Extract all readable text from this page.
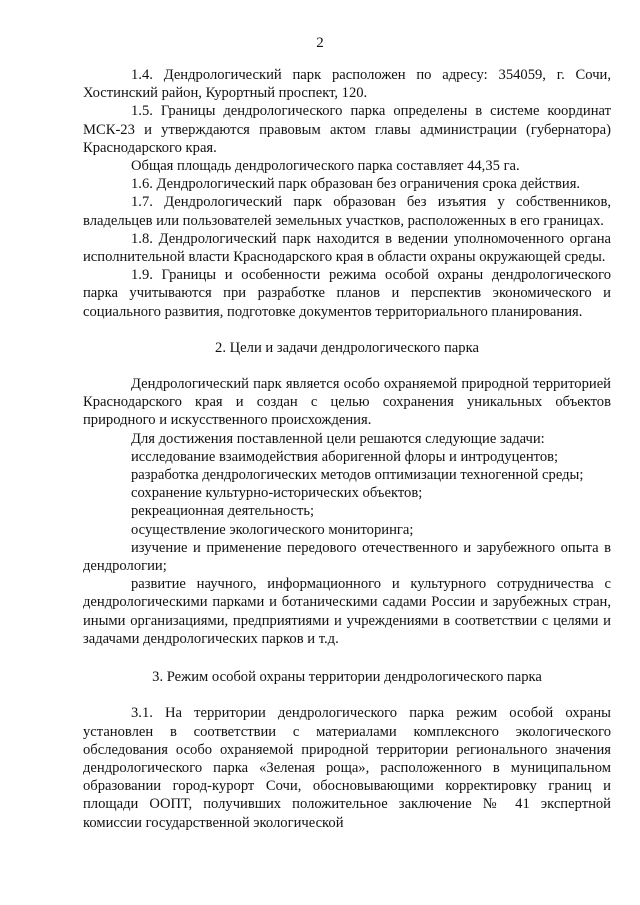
2

1.4. Дендрологический парк расположен по адресу: 354059, г. Сочи, Хостинский район, Курортный проспект, 120.

1.5. Границы дендрологического парка определены в системе координат МСК-23 и утверждаются правовым актом главы администрации (губернатора) Краснодарского края.

Общая площадь дендрологического парка составляет 44,35 га.

1.6. Дендрологический парк образован без ограничения срока действия.

1.7. Дендрологический парк образован без изъятия у собственников, владельцев или пользователей земельных участков, расположенных в его границах.

1.8. Дендрологический парк находится в ведении уполномоченного органа исполнительной власти Краснодарского края в области охраны окружающей среды.

1.9. Границы и особенности режима особой охраны дендрологического парка учитываются при разработке планов и перспектив экономического и социального развития, подготовке документов территориального планирования.

2. Цели и задачи дендрологического парка

Дендрологический парк является особо охраняемой природной территорией Краснодарского края и создан с целью сохранения уникальных объектов природного и искусственного происхождения.

Для достижения поставленной цели решаются следующие задачи:

исследование взаимодействия аборигенной флоры и интродуцентов;

разработка дендрологических методов оптимизации техногенной среды;

сохранение культурно-исторических объектов;

рекреационная деятельность;

осуществление экологического мониторинга;

изучение и применение передового отечественного и зарубежного опыта в дендрологии;

развитие научного, информационного и культурного сотрудничества с дендрологическими парками и ботаническими садами России и зарубежных стран, иными организациями, предприятиями и учреждениями в соответствии с целями и задачами дендрологических парков и т.д.

3. Режим особой охраны территории дендрологического парка

3.1. На территории дендрологического парка режим особой охраны установлен в соответствии с материалами комплексного экологического обследования особо охраняемой природной территории регионального значения дендрологического парка «Зеленая роща», расположенного в муниципальном образовании город-курорт Сочи, обосновывающими корректировку границ и площади ООПТ, получивших положительное заключение № 41 экспертной комиссии государственной экологической
